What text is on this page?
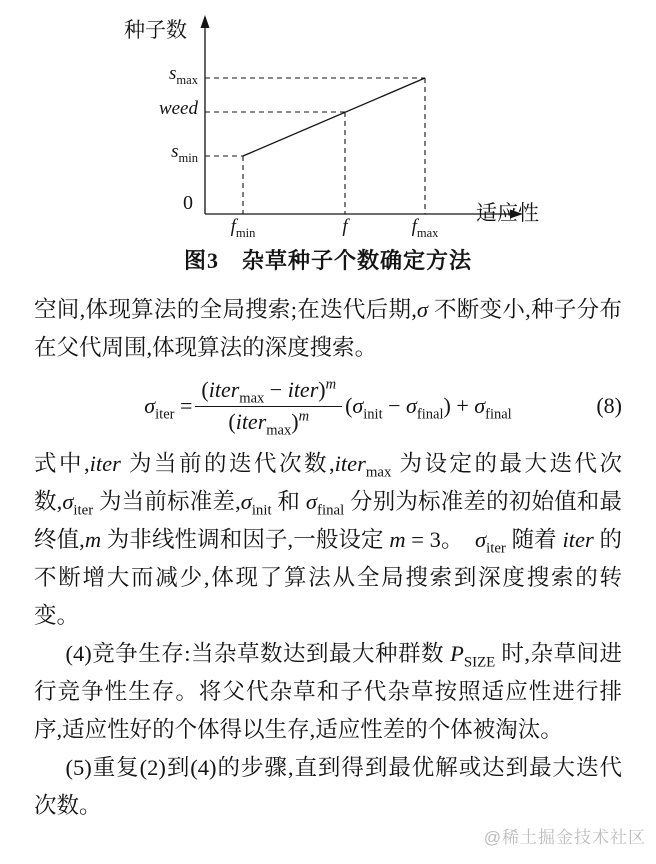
种子数
$s_{max}$
weed
$s_{min}$
0
$f_{min}$	f	$f_{max}$
适应性
图3　杂草种子个数确定方法

空间,体现算法的全局搜索;在迭代后期,σ 不断变小,种子分布在父代周围,体现算法的深度搜索。

$\sigma_{iter} = \frac{(iter_{max} - iter)^m}{(iter_{max})^m} (\sigma_{init} - \sigma_{final}) + \sigma_{final}$	(8)

式中,iter 为当前的迭代次数,iter$_{max}$ 为设定的最大迭代次数$,\sigma_{iter}$ 为当前标准差$,\sigma_{init}$ 和 $\sigma_{final}$ 分别为标准差的初始值和最终值,m 为非线性调和因子,一般设定 m = 3。　$\sigma_{iter}$ 随着 iter 的不断增大而减少,体现了算法从全局搜索到深度搜索的转变。

(4)竞争生存:当杂草数达到最大种群数 $P_{SIZE}$ 时,杂草间进行竞争性生存。将父代杂草和子代杂草按照适应性进行排序,适应性好的个体得以生存,适应性差的个体被淘汰。

(5)重复(2)到(4)的步骤,直到得到最优解或达到最大迭代次数。

@稀土掘金技术社区
